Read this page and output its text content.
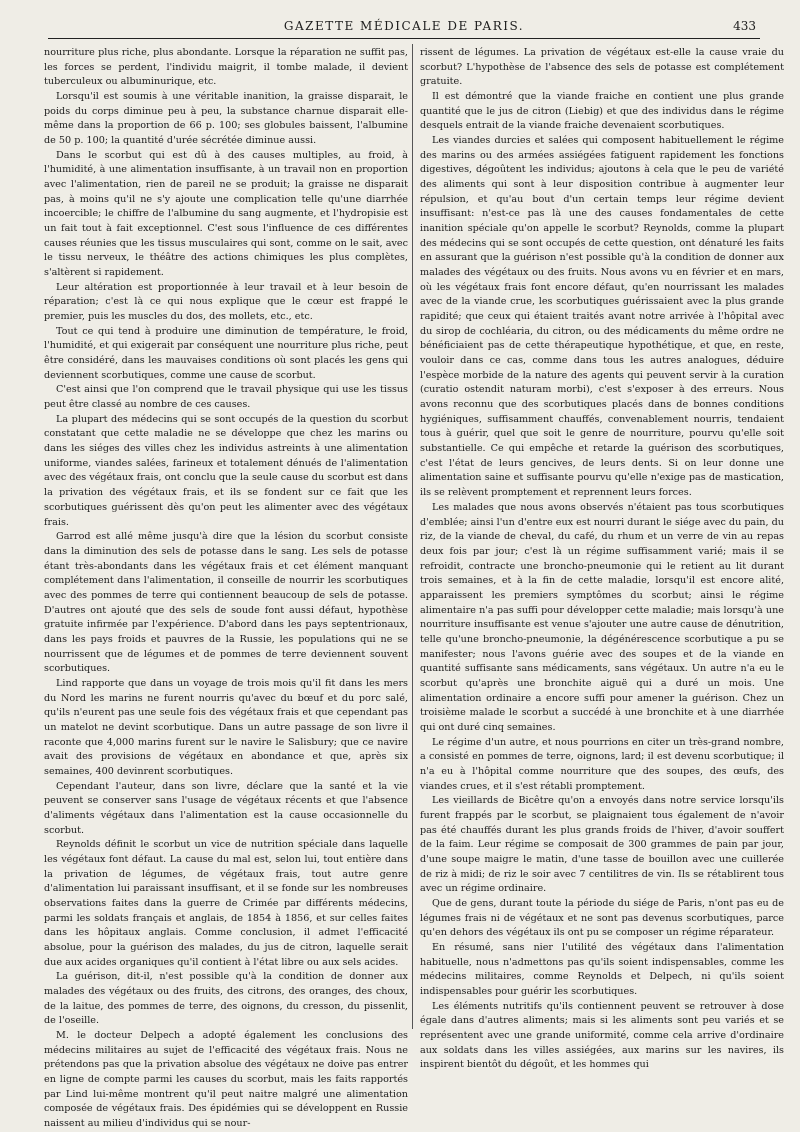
GAZETTE MÉDICALE DE PARIS.	433

nourriture plus riche, plus abondante. Lorsque la réparation ne suffit pas, les forces se perdent, l'individu maigrit, il tombe malade, il devient tuberculeux ou albuminurique, etc.

Lorsqu'il est soumis à une véritable inanition, la graisse disparait, le poids du corps diminue peu à peu, la substance charnue disparait elle-même dans la proportion de 66 p. 100; ses globules baissent, l'albumine de 50 p. 100; la quantité d'urée sécrétée diminue aussi.

Dans le scorbut qui est dû à des causes multiples, au froid, à l'humidité, à une alimentation insuffisante, à un travail non en proportion avec l'alimentation, rien de pareil ne se produit; la graisse ne disparait pas, à moins qu'il ne s'y ajoute une complication telle qu'une diarrhée incoercible; le chiffre de l'albumine du sang augmente, et l'hydropisie est un fait tout à fait exceptionnel. C'est sous l'influence de ces différentes causes réunies que les tissus musculaires qui sont, comme on le sait, avec le tissu nerveux, le théâtre des actions chimiques les plus complètes, s'altèrent si rapidement.

Leur altération est proportionnée à leur travail et à leur besoin de réparation; c'est là ce qui nous explique que le cœur est frappé le premier, puis les muscles du dos, des mollets, etc., etc.

Tout ce qui tend à produire une diminution de température, le froid, l'humidité, et qui exigerait par conséquent une nourriture plus riche, peut être considéré, dans les mauvaises conditions où sont placés les gens qui deviennent scorbutiques, comme une cause de scorbut.

C'est ainsi que l'on comprend que le travail physique qui use les tissus peut être classé au nombre de ces causes.

La plupart des médecins qui se sont occupés de la question du scorbut constatant que cette maladie ne se développe que chez les marins ou dans les siéges des villes chez les individus astreints à une alimentation uniforme, viandes salées, farineux et totalement dénués de l'alimentation avec des végétaux frais, ont conclu que la seule cause du scorbut est dans la privation des végétaux frais, et ils se fondent sur ce fait que les scorbutiques guérissent dès qu'on peut les alimenter avec des végétaux frais.

Garrod est allé même jusqu'à dire que la lésion du scorbut consiste dans la diminution des sels de potasse dans le sang. Les sels de potasse étant très-abondants dans les végétaux frais et cet élément manquant complétement dans l'alimentation, il conseille de nourrir les scorbutiques avec des pommes de terre qui contiennent beaucoup de sels de potasse. D'autres ont ajouté que des sels de soude font aussi défaut, hypothèse gratuite infirmée par l'expérience. D'abord dans les pays septentrionaux, dans les pays froids et pauvres de la Russie, les populations qui ne se nourrissent que de légumes et de pommes de terre deviennent souvent scorbutiques.

Lind rapporte que dans un voyage de trois mois qu'il fit dans les mers du Nord les marins ne furent nourris qu'avec du bœuf et du porc salé, qu'ils n'eurent pas une seule fois des végétaux frais et que cependant pas un matelot ne devint scorbutique. Dans un autre passage de son livre il raconte que 4,000 marins furent sur le navire le Salisbury; que ce navire avait des provisions de végétaux en abondance et que, après six semaines, 400 devinrent scorbutiques.

Cependant l'auteur, dans son livre, déclare que la santé et la vie peuvent se conserver sans l'usage de végétaux récents et que l'absence d'aliments végétaux dans l'alimentation est la cause occasionnelle du scorbut.

Reynolds définit le scorbut un vice de nutrition spéciale dans laquelle les végétaux font défaut. La cause du mal est, selon lui, tout entière dans la privation de légumes, de végétaux frais, tout autre genre d'alimentation lui paraissant insuffisant, et il se fonde sur les nombreuses observations faites dans la guerre de Crimée par différents médecins, parmi les soldats français et anglais, de 1854 à 1856, et sur celles faites dans les hôpitaux anglais. Comme conclusion, il admet l'efficacité absolue, pour la guérison des malades, du jus de citron, laquelle serait due aux acides organiques qu'il contient à l'état libre ou aux sels acides.

La guérison, dit-il, n'est possible qu'à la condition de donner aux malades des végétaux ou des fruits, des citrons, des oranges, des choux, de la laitue, des pommes de terre, des oignons, du cresson, du pissenlit, de l'oseille.

M. le docteur Delpech a adopté également les conclusions des médecins militaires au sujet de l'efficacité des végétaux frais. Nous ne prétendons pas que la privation absolue des végétaux ne doive pas entrer en ligne de compte parmi les causes du scorbut, mais les faits rapportés par Lind lui-même montrent qu'il peut naitre malgré une alimentation composée de végétaux frais. Des épidémies qui se développent en Russie naissent au milieu d'individus qui se nour-

rissent de légumes. La privation de végétaux est-elle la cause vraie du scorbut? L'hypothèse de l'absence des sels de potasse est complétement gratuite.

Il est démontré que la viande fraiche en contient une plus grande quantité que le jus de citron (Liebig) et que des individus dans le régime desquels entrait de la viande fraiche devenaient scorbutiques.

Les viandes durcies et salées qui composent habituellement le régime des marins ou des armées assiégées fatiguent rapidement les fonctions digestives, dégoûtent les individus; ajoutons à cela que le peu de variété des aliments qui sont à leur disposition contribue à augmenter leur répulsion, et qu'au bout d'un certain temps leur régime devient insuffisant: n'est-ce pas là une des causes fondamentales de cette inanition spéciale qu'on appelle le scorbut? Reynolds, comme la plupart des médecins qui se sont occupés de cette question, ont dénaturé les faits en assurant que la guérison n'est possible qu'à la condition de donner aux malades des végétaux ou des fruits. Nous avons vu en février et en mars, où les végétaux frais font encore défaut, qu'en nourrissant les malades avec de la viande crue, les scorbutiques guérissaient avec la plus grande rapidité; que ceux qui étaient traités avant notre arrivée à l'hôpital avec du sirop de cochléaria, du citron, ou des médicaments du même ordre ne bénéficiaient pas de cette thérapeutique hypothétique, et que, en reste, vouloir dans ce cas, comme dans tous les autres analogues, déduire l'espèce morbide de la nature des agents qui peuvent servir à la curation (curatio ostendit naturam morbi), c'est s'exposer à des erreurs. Nous avons reconnu que des scorbutiques placés dans de bonnes conditions hygiéniques, suffisamment chauffés, convenablement nourris, tendaient tous à guérir, quel que soit le genre de nourriture, pourvu qu'elle soit substantielle. Ce qui empêche et retarde la guérison des scorbutiques, c'est l'état de leurs gencives, de leurs dents. Si on leur donne une alimentation saine et suffisante pourvu qu'elle n'exige pas de mastication, ils se relèvent promptement et reprennent leurs forces.

Les malades que nous avons observés n'étaient pas tous scorbutiques d'emblée; ainsi l'un d'entre eux est nourri durant le siége avec du pain, du riz, de la viande de cheval, du café, du rhum et un verre de vin au repas deux fois par jour; c'est là un régime suffisamment varié; mais il se refroidit, contracte une broncho-pneumonie qui le retient au lit durant trois semaines, et à la fin de cette maladie, lorsqu'il est encore alité, apparaissent les premiers symptômes du scorbut; ainsi le régime alimentaire n'a pas suffi pour développer cette maladie; mais lorsqu'à une nourriture insuffisante est venue s'ajouter une autre cause de dénutrition, telle qu'une broncho-pneumonie, la dégénérescence scorbutique a pu se manifester; nous l'avons guérie avec des soupes et de la viande en quantité suffisante sans médicaments, sans végétaux. Un autre n'a eu le scorbut qu'après une bronchite aiguë qui a duré un mois. Une alimentation ordinaire a encore suffi pour amener la guérison. Chez un troisième malade le scorbut a succédé à une bronchite et à une diarrhée qui ont duré cinq semaines.

Le régime d'un autre, et nous pourrions en citer un très-grand nombre, a consisté en pommes de terre, oignons, lard; il est devenu scorbutique; il n'a eu à l'hôpital comme nourriture que des soupes, des œufs, des viandes crues, et il s'est rétabli promptement.

Les vieillards de Bicêtre qu'on a envoyés dans notre service lorsqu'ils furent frappés par le scorbut, se plaignaient tous également de n'avoir pas été chauffés durant les plus grands froids de l'hiver, d'avoir souffert de la faim. Leur régime se composait de 300 grammes de pain par jour, d'une soupe maigre le matin, d'une tasse de bouillon avec une cuillerée de riz à midi; de riz le soir avec 7 centilitres de vin. Ils se rétablirent tous avec un régime ordinaire.

Que de gens, durant toute la période du siége de Paris, n'ont pas eu de légumes frais ni de végétaux et ne sont pas devenus scorbutiques, parce qu'en dehors des végétaux ils ont pu se composer un régime réparateur.

En résumé, sans nier l'utilité des végétaux dans l'alimentation habituelle, nous n'admettons pas qu'ils soient indispensables, comme les médecins militaires, comme Reynolds et Delpech, ni qu'ils soient indispensables pour guérir les scorbutiques.

Les éléments nutritifs qu'ils contiennent peuvent se retrouver à dose égale dans d'autres aliments; mais si les aliments sont peu variés et se représentent avec une grande uniformité, comme cela arrive d'ordinaire aux soldats dans les villes assiégées, aux marins sur les navires, ils inspirent bientôt du dégoût, et les hommes qui
